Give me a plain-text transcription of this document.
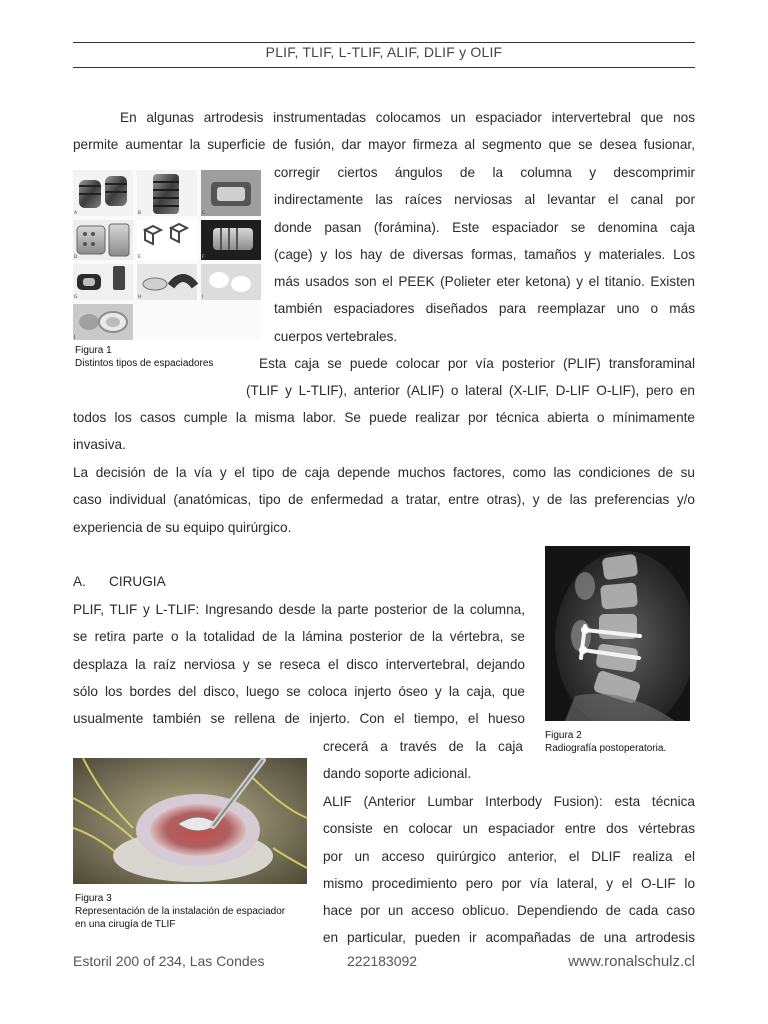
PLIF, TLIF, L-TLIF, ALIF, DLIF y OLIF
En algunas artrodesis instrumentadas colocamos un espaciador intervertebral que nos
permite aumentar la superficie de fusión, dar mayor firmeza al segmento que se desea fusionar,
A	B	C
D	E	F
G	H	I
J
Figura 1
Distintos tipos de espaciadores
corregir ciertos ángulos de la columna y descomprimir
indirectamente las raíces nerviosas al levantar el canal por
donde pasan (forámina). Este espaciador se denomina caja
(cage) y los hay de diversas formas, tamaños y materiales. Los
más usados son el PEEK (Polieter eter ketona) y el titanio. Existen
también espaciadores diseñados para reemplazar uno o más
cuerpos vertebrales.
Esta caja se puede colocar por vía posterior (PLIF) transforaminal
(TLIF y L-TLIF), anterior (ALIF) o lateral (X-LIF, D-LIF O-LIF), pero en
todos los casos cumple la misma labor. Se puede realizar por técnica abierta o mínimamente
invasiva.
La decisión de la vía y el tipo de caja depende muchos factores, como las condiciones de su
caso individual (anatómicas, tipo de enfermedad a tratar, entre otras), y de las preferencias y/o
experiencia de su equipo quirúrgico.
A. CIRUGIA
PLIF, TLIF y L-TLIF: Ingresando desde la parte posterior de la columna,
se retira parte o la totalidad de la lámina posterior de la vértebra, se
desplaza la raíz nerviosa y se reseca el disco intervertebral, dejando
sólo los bordes del disco, luego se coloca injerto óseo y la caja, que
usualmente también se rellena de injerto. Con el tiempo, el hueso
Figura 2
Radiografía postoperatoria.
crecerá a través de la caja
dando soporte adicional.
Figura 3
Representación de la instalación de espaciador
en una cirugía de TLIF
ALIF (Anterior Lumbar Interbody Fusion): esta técnica
consiste en colocar un espaciador entre dos vértebras
por un acceso quirúrgico anterior, el DLIF realiza el
mismo procedimiento pero por vía lateral, y el O-LIF lo
hace por un acceso oblicuo. Dependiendo de cada caso
en particular, pueden ir acompañadas de una artrodesis
Estoril 200 of 234, Las Condes	222183092	www.ronalschulz.cl
